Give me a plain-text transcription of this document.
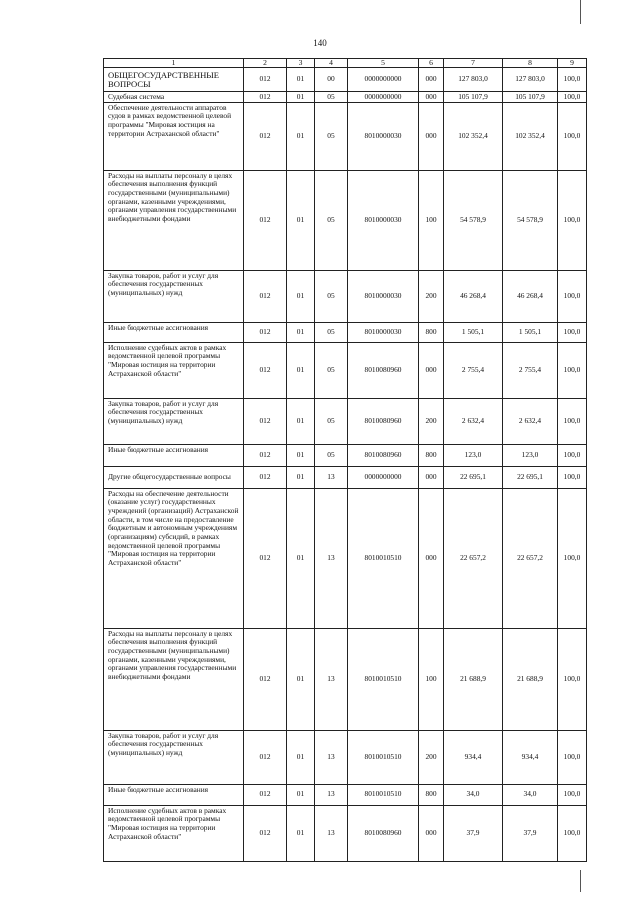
140
1	2	3	4	5	6	7	8	9
ОБЩЕГОСУДАРСТВЕННЫЕ ВОПРОСЫ	012	01	00	0000000000	000	127 803,0	127 803,0	100,0
Судебная система	012	01	05	0000000000	000	105 107,9	105 107,9	100,0
Обеспечение деятельности аппаратов судов в рамках ведомственной целевой программы "Мировая юстиция на территории Астраханской области"	012	01	05	8010000030	000	102 352,4	102 352,4	100,0
Расходы на выплаты персоналу в целях обеспечения выполнения функций государственными (муниципальными) органами, казенными учреждениями, органами управления государственными внебюджетными фондами	012	01	05	8010000030	100	54 578,9	54 578,9	100,0
Закупка товаров, работ и услуг для обеспечения государственных (муниципальных) нужд	012	01	05	8010000030	200	46 268,4	46 268,4	100,0
Иные бюджетные ассигнования	012	01	05	8010000030	800	1 505,1	1 505,1	100,0
Исполнение судебных актов в рамках ведомственной целевой программы "Мировая юстиция на территории Астраханской области"	012	01	05	8010080960	000	2 755,4	2 755,4	100,0
Закупка товаров, работ и услуг для обеспечения государственных (муниципальных) нужд	012	01	05	8010080960	200	2 632,4	2 632,4	100,0
Иные бюджетные ассигнования	012	01	05	8010080960	800	123,0	123,0	100,0
Другие общегосударственные вопросы	012	01	13	0000000000	000	22 695,1	22 695,1	100,0
Расходы на обеспечение деятельности (оказание услуг) государственных учреждений (организаций) Астраханской области, в том числе на предоставление бюджетным и автономным учреждениям (организациям) субсидий, в рамках ведомственной целевой программы "Мировая юстиция на территории Астраханской области"	012	01	13	8010010510	000	22 657,2	22 657,2	100,0
Расходы на выплаты персоналу в целях обеспечения выполнения функций государственными (муниципальными) органами, казенными учреждениями, органами управления государственными внебюджетными фондами	012	01	13	8010010510	100	21 688,9	21 688,9	100,0
Закупка товаров, работ и услуг для обеспечения государственных (муниципальных) нужд	012	01	13	8010010510	200	934,4	934,4	100,0
Иные бюджетные ассигнования	012	01	13	8010010510	800	34,0	34,0	100,0
Исполнение судебных актов в рамках ведомственной целевой программы "Мировая юстиция на территории Астраханской области"	012	01	13	8010080960	000	37,9	37,9	100,0
